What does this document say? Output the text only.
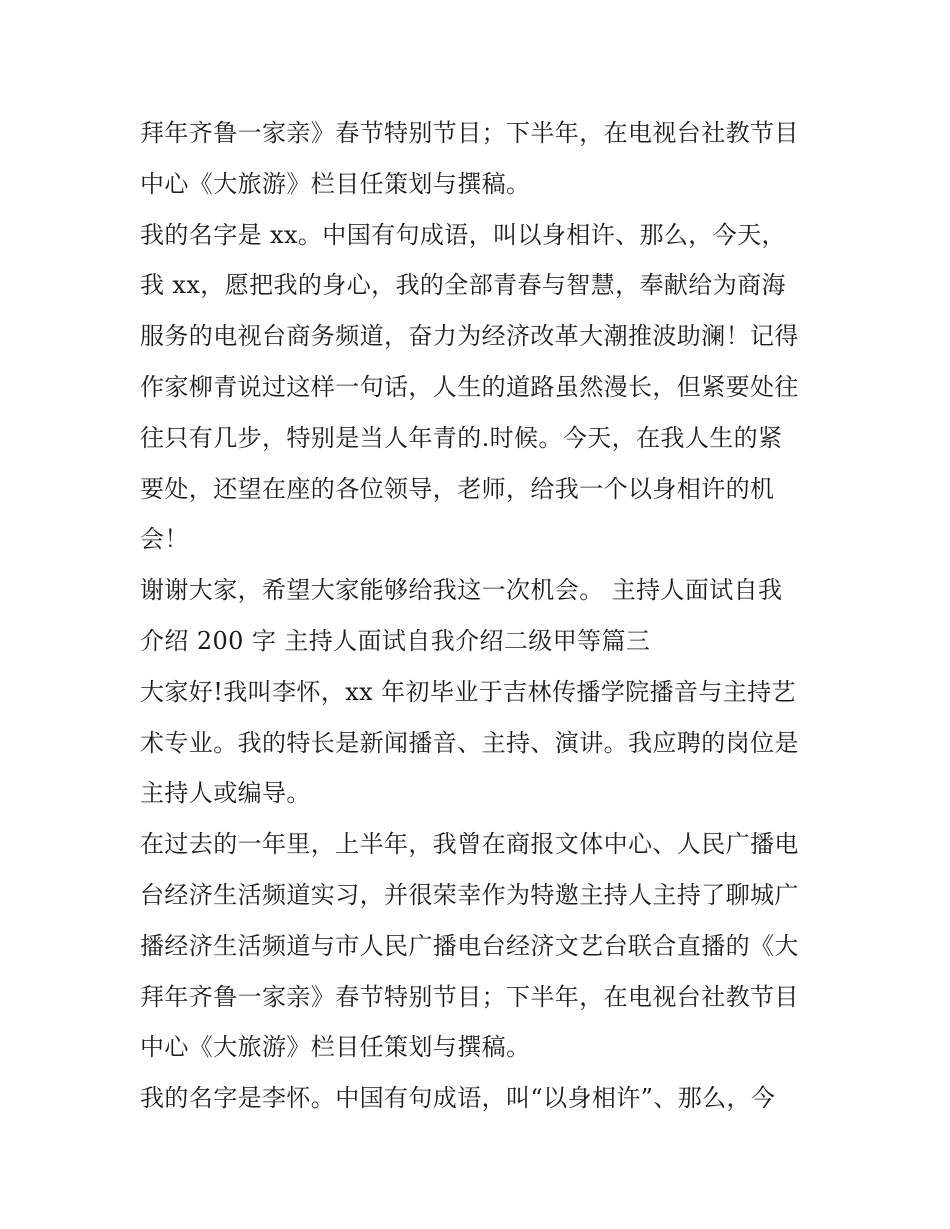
拜年齐鲁一家亲》春节特别节目；下半年，在电视台社教节目
中心《大旅游》栏目任策划与撰稿。
我的名字是 xx。中国有句成语，叫以身相许、那么，今天，
我 xx，愿把我的身心，我的全部青春与智慧，奉献给为商海
服务的电视台商务频道，奋力为经济改革大潮推波助澜！记得
作家柳青说过这样一句话，人生的道路虽然漫长，但紧要处往
往只有几步，特别是当人年青的.时候。今天，在我人生的紧
要处，还望在座的各位领导，老师，给我一个以身相许的机
会！
谢谢大家，希望大家能够给我这一次机会。 主持人面试自我
介绍 200 字 主持人面试自我介绍二级甲等篇三
大家好!我叫李怀，xx 年初毕业于吉林传播学院播音与主持艺
术专业。我的特长是新闻播音、主持、演讲。我应聘的岗位是
主持人或编导。
在过去的一年里，上半年，我曾在商报文体中心、人民广播电
台经济生活频道实习，并很荣幸作为特邀主持人主持了聊城广
播经济生活频道与市人民广播电台经济文艺台联合直播的《大
拜年齐鲁一家亲》春节特别节目；下半年，在电视台社教节目
中心《大旅游》栏目任策划与撰稿。
我的名字是李怀。中国有句成语，叫“以身相许”、那么，今
